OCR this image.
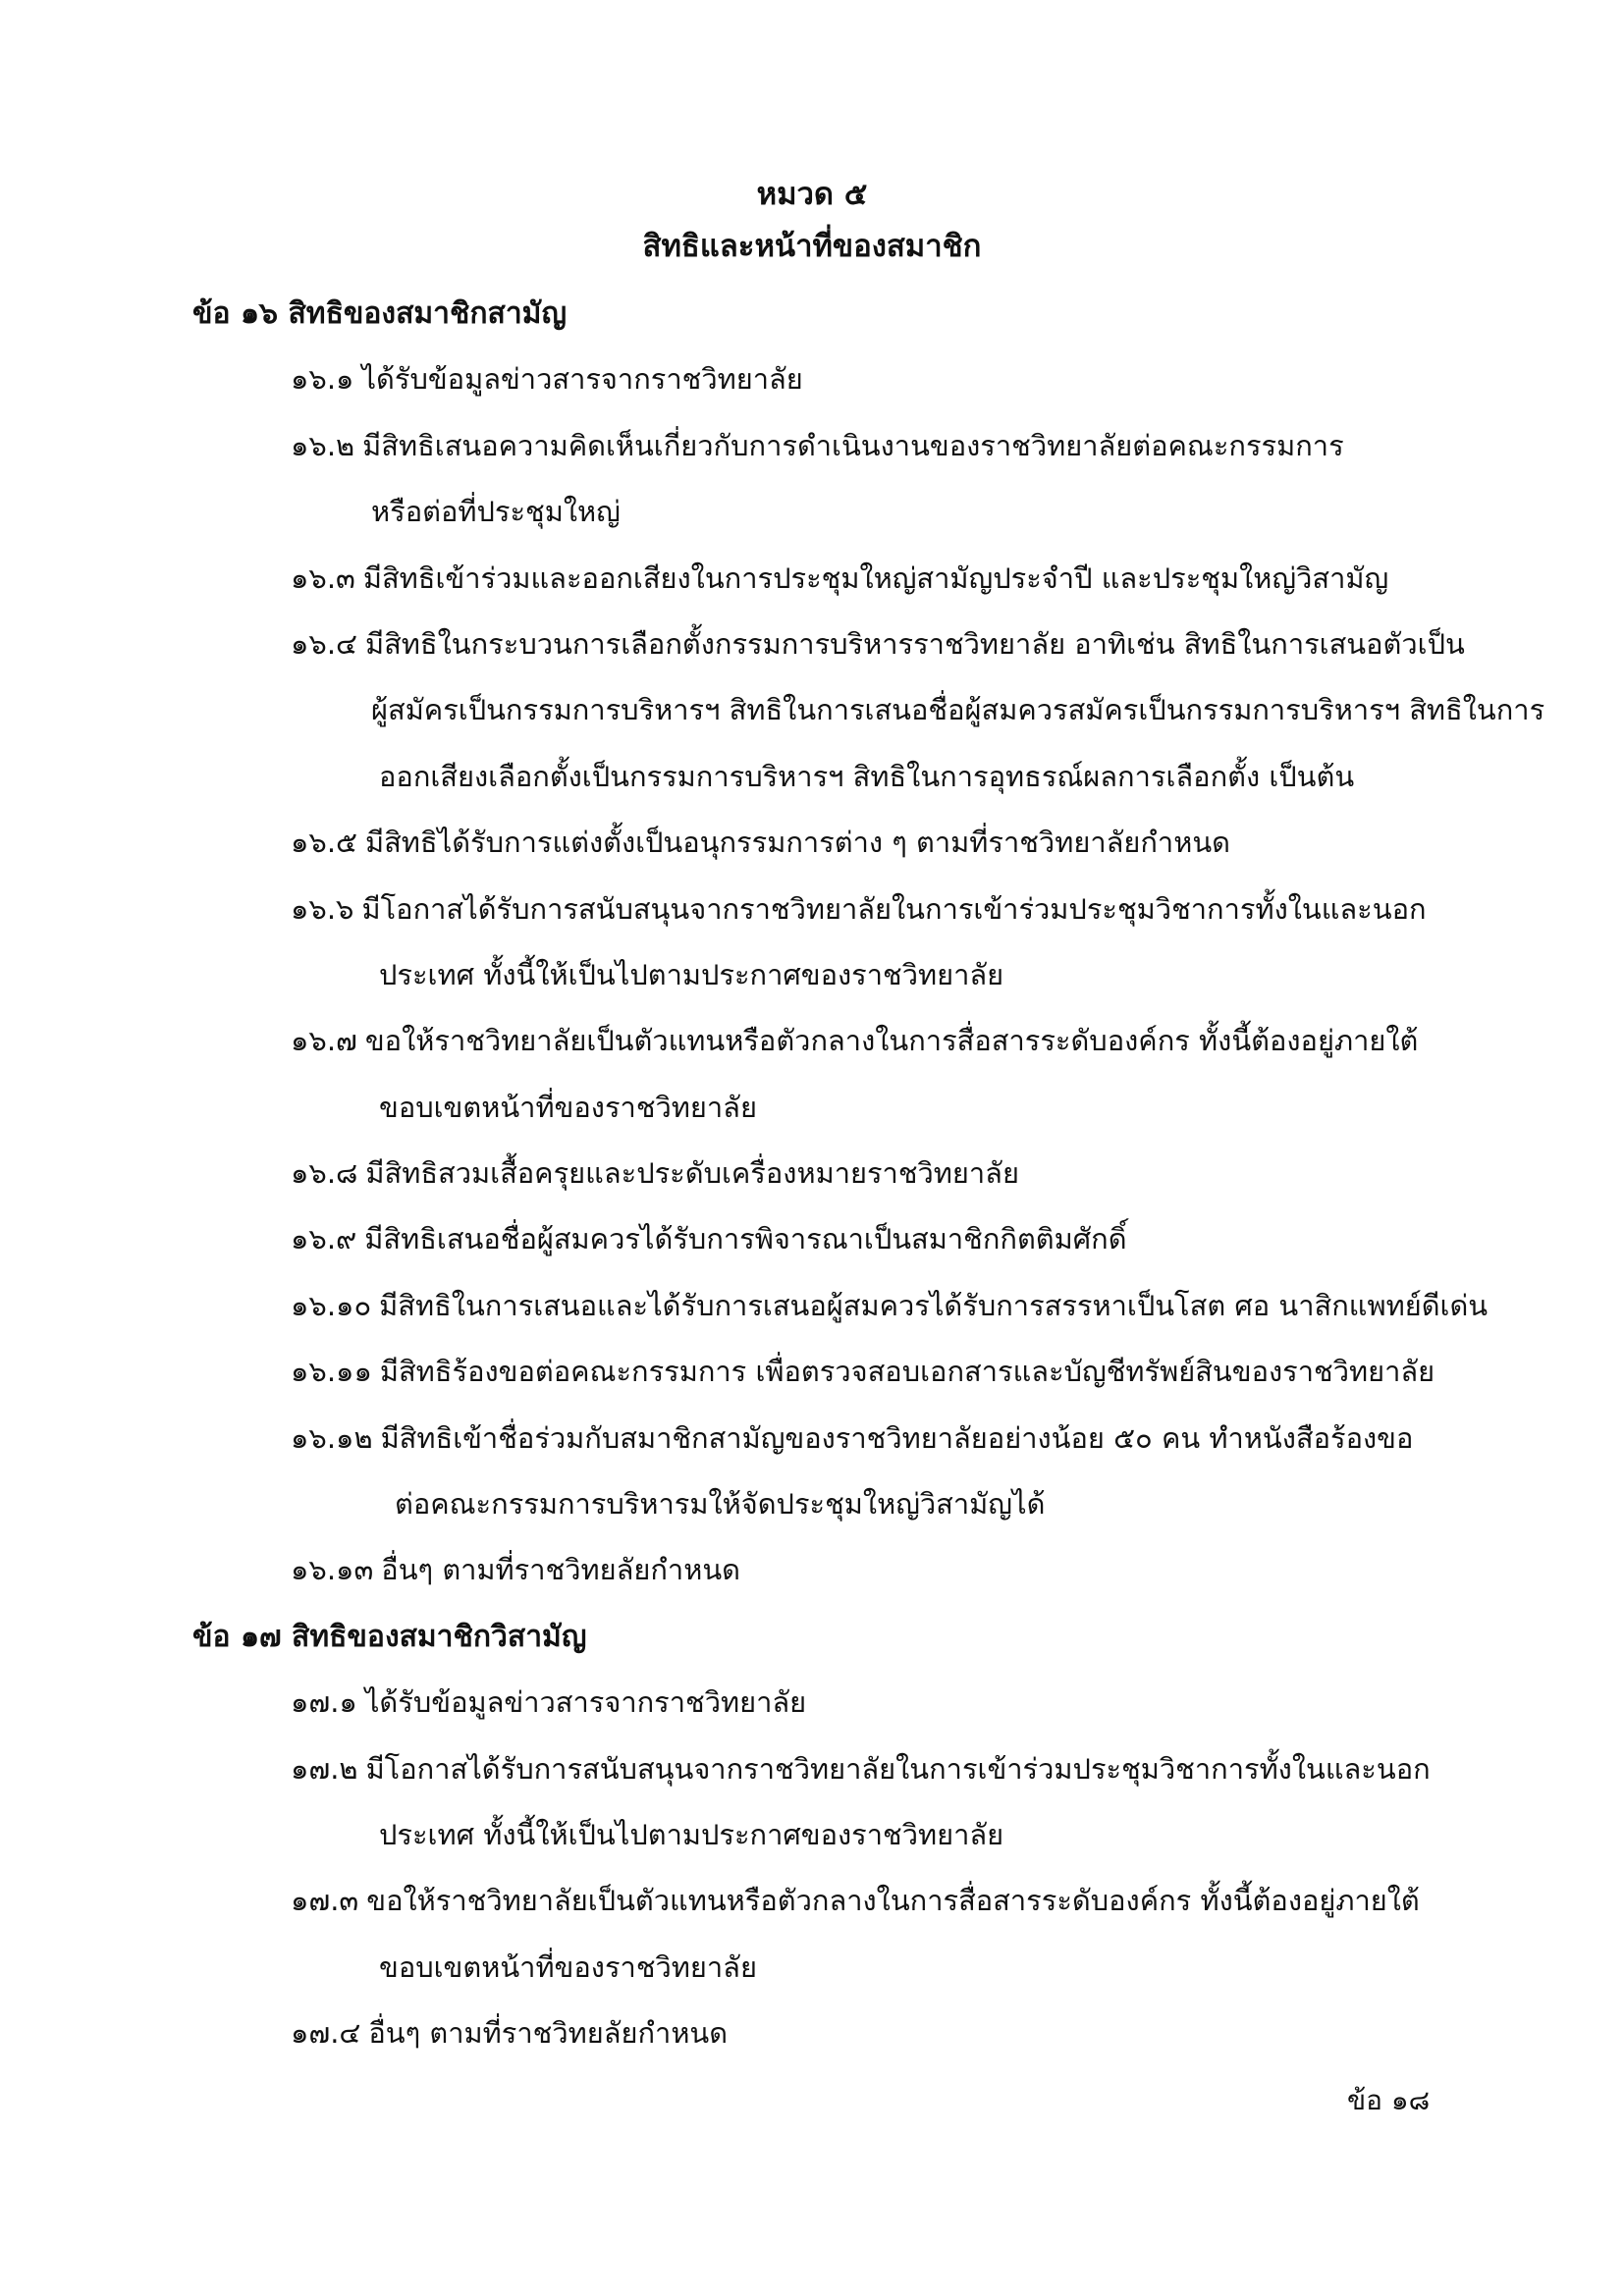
หมวด ๕
สิทธิและหน้าที่ของสมาชิก
ข้อ ๑๖ สิทธิของสมาชิกสามัญ
๑๖.๑ ได้รับข้อมูลข่าวสารจากราชวิทยาลัย
๑๖.๒ มีสิทธิเสนอความคิดเห็นเกี่ยวกับการดำเนินงานของราชวิทยาลัยต่อคณะกรรมการ
หรือต่อที่ประชุมใหญ่
๑๖.๓ มีสิทธิเข้าร่วมและออกเสียงในการประชุมใหญ่สามัญประจำปี และประชุมใหญ่วิสามัญ
๑๖.๔ มีสิทธิในกระบวนการเลือกตั้งกรรมการบริหารราชวิทยาลัย อาทิเช่น สิทธิในการเสนอตัวเป็น
ผู้สมัครเป็นกรรมการบริหารฯ สิทธิในการเสนอชื่อผู้สมควรสมัครเป็นกรรมการบริหารฯ สิทธิในการ
ออกเสียงเลือกตั้งเป็นกรรมการบริหารฯ สิทธิในการอุทธรณ์ผลการเลือกตั้ง เป็นต้น
๑๖.๕ มีสิทธิได้รับการแต่งตั้งเป็นอนุกรรมการต่าง ๆ ตามที่ราชวิทยาลัยกำหนด
๑๖.๖ มีโอกาสได้รับการสนับสนุนจากราชวิทยาลัยในการเข้าร่วมประชุมวิชาการทั้งในและนอก
ประเทศ ทั้งนี้ให้เป็นไปตามประกาศของราชวิทยาลัย
๑๖.๗ ขอให้ราชวิทยาลัยเป็นตัวแทนหรือตัวกลางในการสื่อสารระดับองค์กร ทั้งนี้ต้องอยู่ภายใต้
ขอบเขตหน้าที่ของราชวิทยาลัย
๑๖.๘ มีสิทธิสวมเสื้อครุยและประดับเครื่องหมายราชวิทยาลัย
๑๖.๙ มีสิทธิเสนอชื่อผู้สมควรได้รับการพิจารณาเป็นสมาชิกกิตติมศักดิ์
๑๖.๑๐ มีสิทธิในการเสนอและได้รับการเสนอผู้สมควรได้รับการสรรหาเป็นโสต ศอ นาสิกแพทย์ดีเด่น
๑๖.๑๑ มีสิทธิร้องขอต่อคณะกรรมการ เพื่อตรวจสอบเอกสารและบัญชีทรัพย์สินของราชวิทยาลัย
๑๖.๑๒ มีสิทธิเข้าชื่อร่วมกับสมาชิกสามัญของราชวิทยาลัยอย่างน้อย ๕๐ คน ทำหนังสือร้องขอ
ต่อคณะกรรมการบริหารมให้จัดประชุมใหญ่วิสามัญได้
๑๖.๑๓ อื่นๆ ตามที่ราชวิทยลัยกำหนด
ข้อ ๑๗ สิทธิของสมาชิกวิสามัญ
๑๗.๑ ได้รับข้อมูลข่าวสารจากราชวิทยาลัย
๑๗.๒ มีโอกาสได้รับการสนับสนุนจากราชวิทยาลัยในการเข้าร่วมประชุมวิชาการทั้งในและนอก
ประเทศ ทั้งนี้ให้เป็นไปตามประกาศของราชวิทยาลัย
๑๗.๓ ขอให้ราชวิทยาลัยเป็นตัวแทนหรือตัวกลางในการสื่อสารระดับองค์กร ทั้งนี้ต้องอยู่ภายใต้
ขอบเขตหน้าที่ของราชวิทยาลัย
๑๗.๔ อื่นๆ ตามที่ราชวิทยลัยกำหนด
ข้อ ๑๘
